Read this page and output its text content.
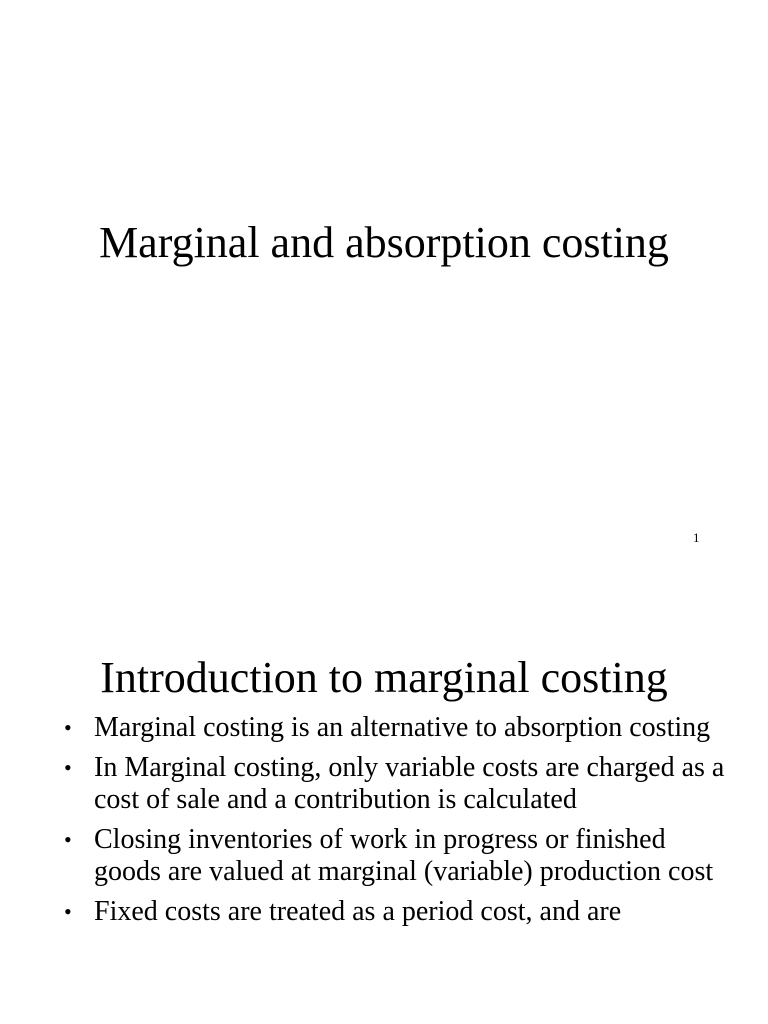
Marginal and absorption costing
1
Introduction to marginal costing
• Marginal costing is an alternative to absorption costing
• In Marginal costing, only variable costs are charged as a cost of sale and a contribution is calculated
• Closing inventories of work in progress or finished goods are valued at marginal (variable) production cost
• Fixed costs are treated as a period cost, and are
